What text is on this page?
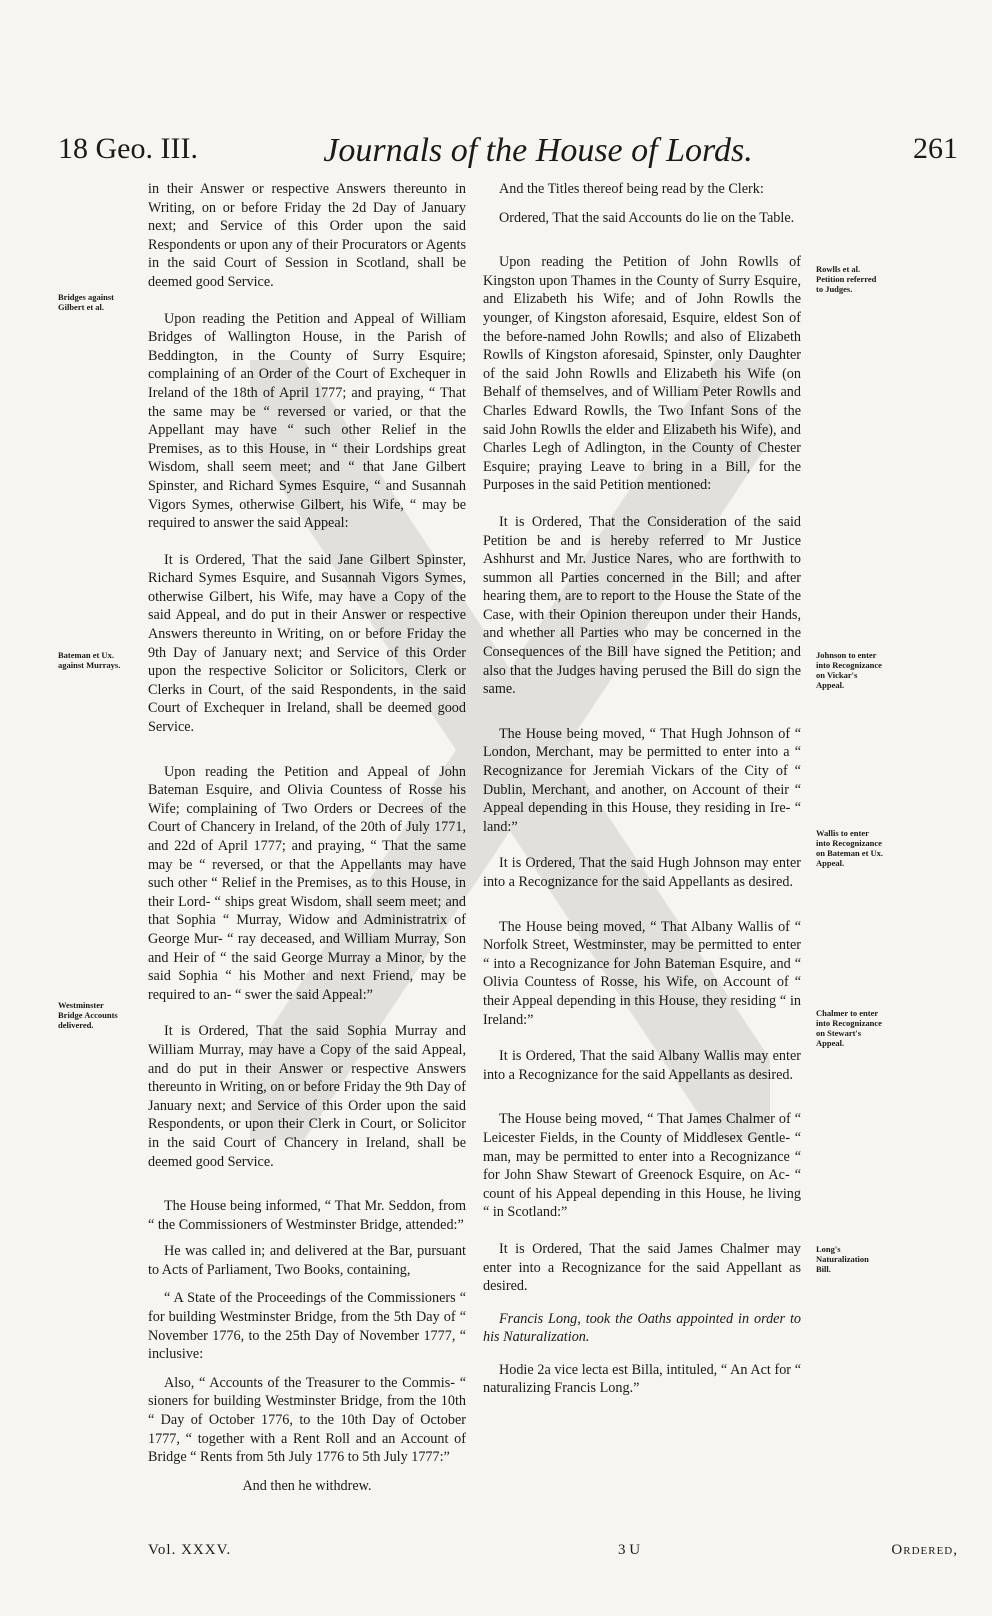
18 Geo. III.	Journals of the House of Lords.	261

in their Answer or respective Answers thereunto in Writing, on or before Friday the 2d Day of January next; and Service of this Order upon the said Respondents or upon any of their Procurators or Agents in the said Court of Session in Scotland, shall be deemed good Service.

Upon reading the Petition and Appeal of William Bridges of Wallington House, in the Parish of Beddington, in the County of Surry Esquire; complaining of an Order of the Court of Exchequer in Ireland of the 18th of April 1777; and praying, “ That the same may be “ reversed or varied, or that the Appellant may have “ such other Relief in the Premises, as to this House, in “ their Lordships great Wisdom, shall seem meet; and “ that Jane Gilbert Spinster, and Richard Symes Esquire, “ and Susannah Vigors Symes, otherwise Gilbert, his Wife, “ may be required to answer the said Appeal:

It is Ordered, That the said Jane Gilbert Spinster, Richard Symes Esquire, and Susannah Vigors Symes, otherwise Gilbert, his Wife, may have a Copy of the said Appeal, and do put in their Answer or respective Answers thereunto in Writing, on or before Friday the 9th Day of January next; and Service of this Order upon the respective Solicitor or Solicitors, Clerk or Clerks in Court, of the said Respondents, in the said Court of Exchequer in Ireland, shall be deemed good Service.

Upon reading the Petition and Appeal of John Bateman Esquire, and Olivia Countess of Rosse his Wife; complaining of Two Orders or Decrees of the Court of Chancery in Ireland, of the 20th of July 1771, and 22d of April 1777; and praying, “ That the same may be “ reversed, or that the Appellants may have such other “ Relief in the Premises, as to this House, in their Lord- “ ships great Wisdom, shall seem meet; and that Sophia “ Murray, Widow and Administratrix of George Mur- “ ray deceased, and William Murray, Son and Heir of “ the said George Murray a Minor, by the said Sophia “ his Mother and next Friend, may be required to an- “ swer the said Appeal:”

It is Ordered, That the said Sophia Murray and William Murray, may have a Copy of the said Appeal, and do put in their Answer or respective Answers thereunto in Writing, on or before Friday the 9th Day of January next; and Service of this Order upon the said Respondents, or upon their Clerk in Court, or Solicitor in the said Court of Chancery in Ireland, shall be deemed good Service.

The House being informed, “ That Mr. Seddon, from “ the Commissioners of Westminster Bridge, attended:”

He was called in; and delivered at the Bar, pursuant to Acts of Parliament, Two Books, containing,

“ A State of the Proceedings of the Commissioners “ for building Westminster Bridge, from the 5th Day of “ November 1776, to the 25th Day of November 1777, “ inclusive:

Also, “ Accounts of the Treasurer to the Commis- “ sioners for building Westminster Bridge, from the 10th “ Day of October 1776, to the 10th Day of October 1777, “ together with a Rent Roll and an Account of Bridge “ Rents from 5th July 1776 to 5th July 1777:”

And then he withdrew.

And the Titles thereof being read by the Clerk:

Ordered, That the said Accounts do lie on the Table.

Upon reading the Petition of John Rowlls of Kingston upon Thames in the County of Surry Esquire, and Elizabeth his Wife; and of John Rowlls the younger, of Kingston aforesaid, Esquire, eldest Son of the before-named John Rowlls; and also of Elizabeth Rowlls of Kingston aforesaid, Spinster, only Daughter of the said John Rowlls and Elizabeth his Wife (on Behalf of themselves, and of William Peter Rowlls and Charles Edward Rowlls, the Two Infant Sons of the said John Rowlls the elder and Elizabeth his Wife), and Charles Legh of Adlington, in the County of Chester Esquire; praying Leave to bring in a Bill, for the Purposes in the said Petition mentioned:

It is Ordered, That the Consideration of the said Petition be and is hereby referred to Mr Justice Ashhurst and Mr. Justice Nares, who are forthwith to summon all Parties concerned in the Bill; and after hearing them, are to report to the House the State of the Case, with their Opinion thereupon under their Hands, and whether all Parties who may be concerned in the Consequences of the Bill have signed the Petition; and also that the Judges having perused the Bill do sign the same.

The House being moved, “ That Hugh Johnson of “ London, Merchant, may be permitted to enter into a “ Recognizance for Jeremiah Vickars of the City of “ Dublin, Merchant, and another, on Account of their “ Appeal depending in this House, they residing in Ire- “ land:”

It is Ordered, That the said Hugh Johnson may enter into a Recognizance for the said Appellants as desired.

The House being moved, “ That Albany Wallis of “ Norfolk Street, Westminster, may be permitted to enter “ into a Recognizance for John Bateman Esquire, and “ Olivia Countess of Rosse, his Wife, on Account of “ their Appeal depending in this House, they residing “ in Ireland:”

It is Ordered, That the said Albany Wallis may enter into a Recognizance for the said Appellants as desired.

The House being moved, “ That James Chalmer of “ Leicester Fields, in the County of Middlesex Gentle- “ man, may be permitted to enter into a Recognizance “ for John Shaw Stewart of Greenock Esquire, on Ac- “ count of his Appeal depending in this House, he living “ in Scotland:”

It is Ordered, That the said James Chalmer may enter into a Recognizance for the said Appellant as desired.

Francis Long, took the Oaths appointed in order to his Naturalization.

Hodie 2a vice lecta est Billa, intituled, “ An Act for “ naturalizing Francis Long.”

Bridges against Gilbert et al.
Bateman et Ux. against Murrays.
Westminster Bridge Accounts delivered.
Rowlls et al. Petition referred to Judges.
Johnson to enter into Recognizance on Vickar's Appeal.
Wallis to enter into Recognizance on Bateman et Ux. Appeal.
Chalmer to enter into Recognizance on Stewart's Appeal.
Long's Naturalization Bill.
Vol. XXXV.	3 U	Ordered,
